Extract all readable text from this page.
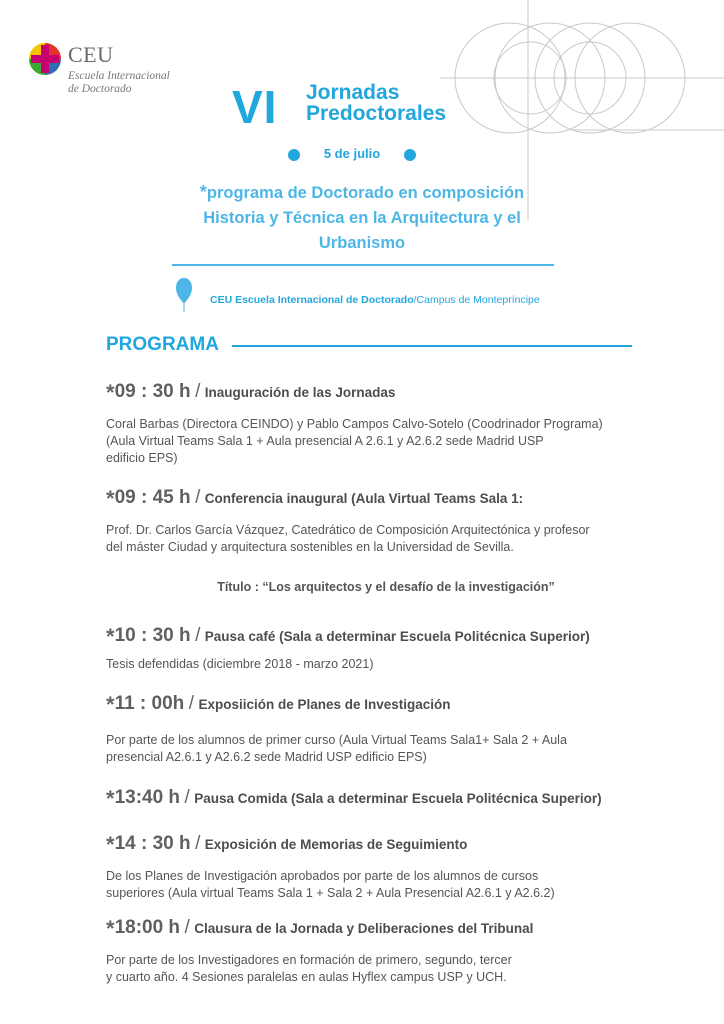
CEU
Escuela Internacional
de Doctorado	VI Jornadas
Predoctorales
5 de julio
*programa de Doctorado en composición
Historia y Técnica en la Arquitectura y el
Urbanismo
CEU Escuela Internacional de Doctorado/Campus de Montepríncipe
PROGRAMA
*09 : 30 h / Inauguración de las Jornadas
Coral Barbas (Directora CEINDO) y Pablo Campos Calvo-Sotelo (Coodrinador Programa)
(Aula Virtual Teams Sala 1 + Aula presencial A 2.6.1 y A2.6.2 sede Madrid USP
edificio EPS)
*09 : 45 h / Conferencia inaugural (Aula Virtual Teams Sala 1:
Prof. Dr. Carlos García Vázquez, Catedrático de Composición Arquitectónica y profesor
del máster Ciudad y arquitectura sostenibles en la Universidad de Sevilla.
Título : “Los arquitectos y el desafío de la investigación”
*10 : 30 h / Pausa café (Sala a determinar Escuela Politécnica Superior)
Tesis defendidas (diciembre 2018 - marzo 2021)
*11 : 00h / Exposiición de Planes de Investigación
Por parte de los alumnos de primer curso (Aula Virtual Teams Sala1+ Sala 2 + Aula
presencial A2.6.1 y A2.6.2 sede Madrid USP edificio EPS)
*13:40 h / Pausa Comida (Sala a determinar Escuela Politécnica Superior)
*14 : 30 h / Exposición de Memorias de Seguimiento
De los Planes de Investigación aprobados por parte de los alumnos de cursos
superiores (Aula virtual Teams Sala 1 + Sala 2 + Aula Presencial A2.6.1 y A2.6.2)
*18:00 h / Clausura de la Jornada y Deliberaciones del Tribunal
Por parte de los Investigadores en formación de primero, segundo, tercer
y cuarto año. 4 Sesiones paralelas en aulas Hyflex campus USP y UCH.
